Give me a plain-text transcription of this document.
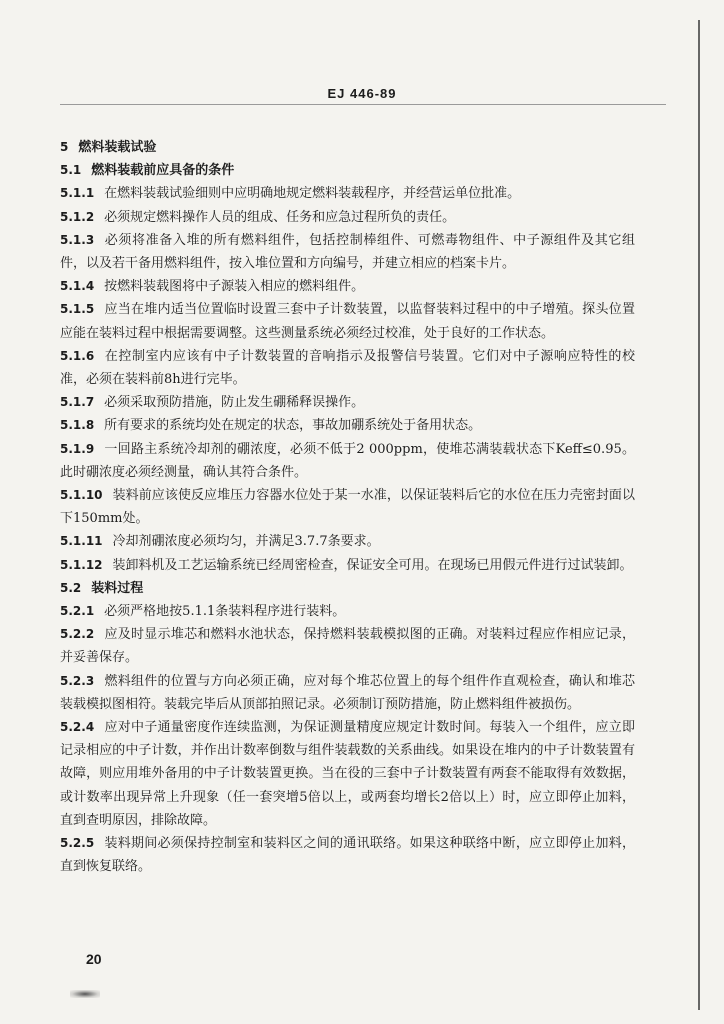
EJ 446-89

5 燃料装载试验

5.1 燃料装载前应具备的条件

5.1.1 在燃料装载试验细则中应明确地规定燃料装载程序，并经营运单位批准。

5.1.2 必须规定燃料操作人员的组成、任务和应急过程所负的责任。

5.1.3 必须将准备入堆的所有燃料组件，包括控制棒组件、可燃毒物组件、中子源组件及其它组件，以及若干备用燃料组件，按入堆位置和方向编号，并建立相应的档案卡片。

5.1.4 按燃料装载图将中子源装入相应的燃料组件。

5.1.5 应当在堆内适当位置临时设置三套中子计数装置，以监督装料过程中的中子增殖。探头位置应能在装料过程中根据需要调整。这些测量系统必须经过校准，处于良好的工作状态。

5.1.6 在控制室内应该有中子计数装置的音响指示及报警信号装置。它们对中子源响应特性的校准，必须在装料前8h进行完毕。

5.1.7 必须采取预防措施，防止发生硼稀释误操作。

5.1.8 所有要求的系统均处在规定的状态，事故加硼系统处于备用状态。

5.1.9 一回路主系统冷却剂的硼浓度，必须不低于2 000ppm，使堆芯满装载状态下Keff≤0.95。此时硼浓度必须经测量，确认其符合条件。

5.1.10 装料前应该使反应堆压力容器水位处于某一水准，以保证装料后它的水位在压力壳密封面以下150mm处。

5.1.11 冷却剂硼浓度必须均匀，并满足3.7.7条要求。

5.1.12 装卸料机及工艺运输系统已经周密检查，保证安全可用。在现场已用假元件进行过试装卸。

5.2 装料过程

5.2.1 必须严格地按5.1.1条装料程序进行装料。

5.2.2 应及时显示堆芯和燃料水池状态，保持燃料装载模拟图的正确。对装料过程应作相应记录，并妥善保存。

5.2.3 燃料组件的位置与方向必须正确，应对每个堆芯位置上的每个组件作直观检查，确认和堆芯装载模拟图相符。装载完毕后从顶部拍照记录。必须制订预防措施，防止燃料组件被损伤。

5.2.4 应对中子通量密度作连续监测，为保证测量精度应规定计数时间。每装入一个组件，应立即记录相应的中子计数，并作出计数率倒数与组件装载数的关系曲线。如果设在堆内的中子计数装置有故障，则应用堆外备用的中子计数装置更换。当在役的三套中子计数装置有两套不能取得有效数据，或计数率出现异常上升现象（任一套突增5倍以上，或两套均增长2倍以上）时，应立即停止加料，直到查明原因，排除故障。

5.2.5 装料期间必须保持控制室和装料区之间的通讯联络。如果这种联络中断，应立即停止加料，直到恢复联络。

20
